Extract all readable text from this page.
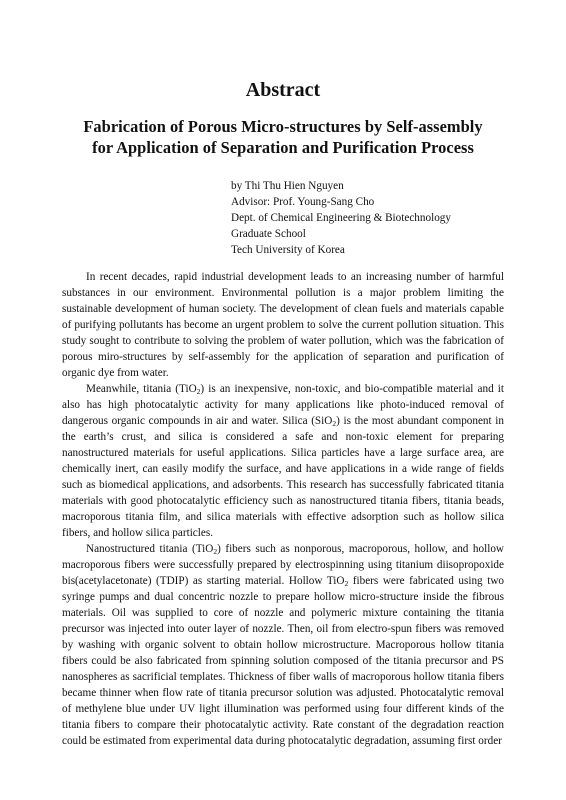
Abstract
Fabrication of Porous Micro-structures by Self-assembly
for Application of Separation and Purification Process

by Thi Thu Hien Nguyen

Advisor: Prof. Young-Sang Cho

Dept. of Chemical Engineering & Biotechnology

Graduate School

Tech University of Korea

In recent decades, rapid industrial development leads to an increasing number of harmful substances in our environment. Environmental pollution is a major problem limiting the sustainable development of human society. The development of clean fuels and materials capable of purifying pollutants has become an urgent problem to solve the current pollution situation. This study sought to contribute to solving the problem of water pollution, which was the fabrication of porous miro-structures by self-assembly for the application of separation and purification of organic dye from water.

Meanwhile, titania (TiO$_2$) is an inexpensive, non-toxic, and bio-compatible material and it also has high photocatalytic activity for many applications like photo-induced removal of dangerous organic compounds in air and water. Silica (SiO$_2$) is the most abundant component in the earth’s crust, and silica is considered a safe and non-toxic element for preparing nanostructured materials for useful applications. Silica particles have a large surface area, are chemically inert, can easily modify the surface, and have applications in a wide range of fields such as biomedical applications, and adsorbents. This research has successfully fabricated titania materials with good photocatalytic efficiency such as nanostructured titania fibers, titania beads, macroporous titania film, and silica materials with effective adsorption such as hollow silica fibers, and hollow silica particles.

Nanostructured titania (TiO$_2$) fibers such as nonporous, macroporous, hollow, and hollow macroporous fibers were successfully prepared by electrospinning using titanium diisopropoxide bis(acetylacetonate) (TDIP) as starting material. Hollow TiO$_2$ fibers were fabricated using two syringe pumps and dual concentric nozzle to prepare hollow micro-structure inside the fibrous materials. Oil was supplied to core of nozzle and polymeric mixture containing the titania precursor was injected into outer layer of nozzle. Then, oil from electro-spun fibers was removed by washing with organic solvent to obtain hollow microstructure. Macroporous hollow titania fibers could be also fabricated from spinning solution composed of the titania precursor and PS nanospheres as sacrificial templates. Thickness of fiber walls of macroporous hollow titania fibers became thinner when flow rate of titania precursor solution was adjusted. Photocatalytic removal of methylene blue under UV light illumination was performed using four different kinds of the titania fibers to compare their photocatalytic activity. Rate constant of the degradation reaction could be estimated from experimental data during photocatalytic degradation, assuming first order
